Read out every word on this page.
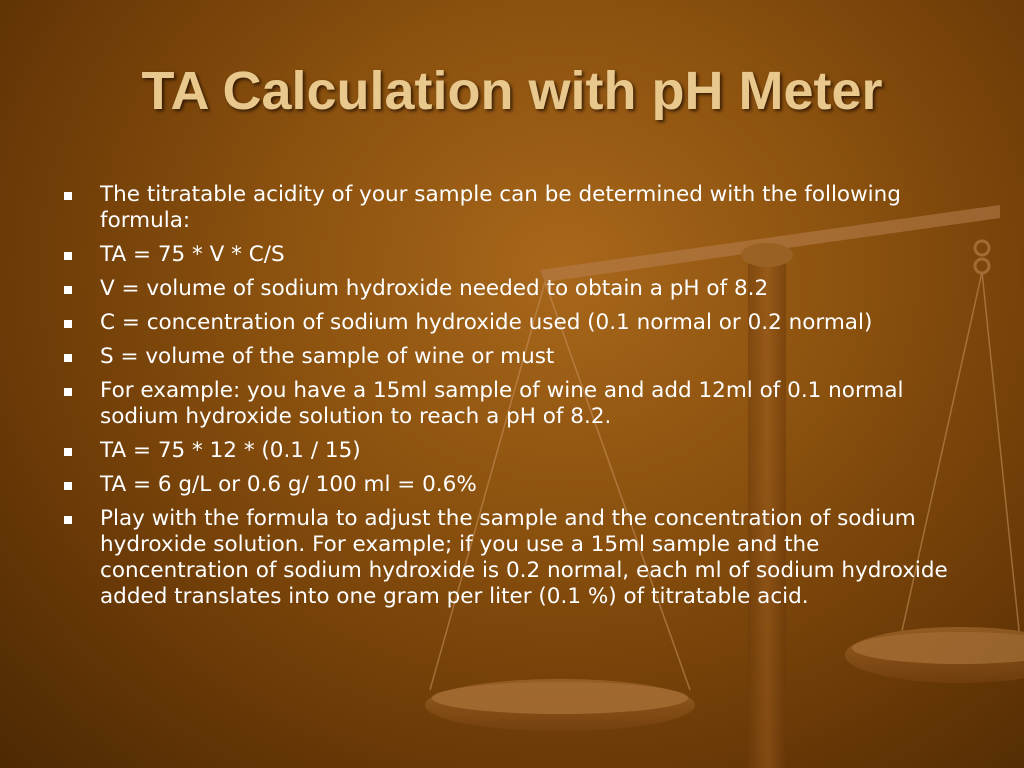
TA Calculation with pH Meter
The titratable acidity of your sample can be determined with the following formula:
TA = 75 * V * C/S
V = volume of sodium hydroxide needed to obtain a pH of 8.2
C = concentration of sodium hydroxide used (0.1 normal or 0.2 normal)
S = volume of the sample of wine or must
For example: you have a 15ml sample of wine and add 12ml of 0.1 normal sodium hydroxide solution to reach a pH of 8.2.
TA = 75 * 12 * (0.1 / 15)
TA = 6 g/L or 0.6 g/ 100 ml = 0.6%
Play with the formula to adjust the sample and the concentration of sodium hydroxide solution. For example; if you use a 15ml sample and the concentration of sodium hydroxide is 0.2 normal, each ml of sodium hydroxide added translates into one gram per liter (0.1 %) of titratable acid.
